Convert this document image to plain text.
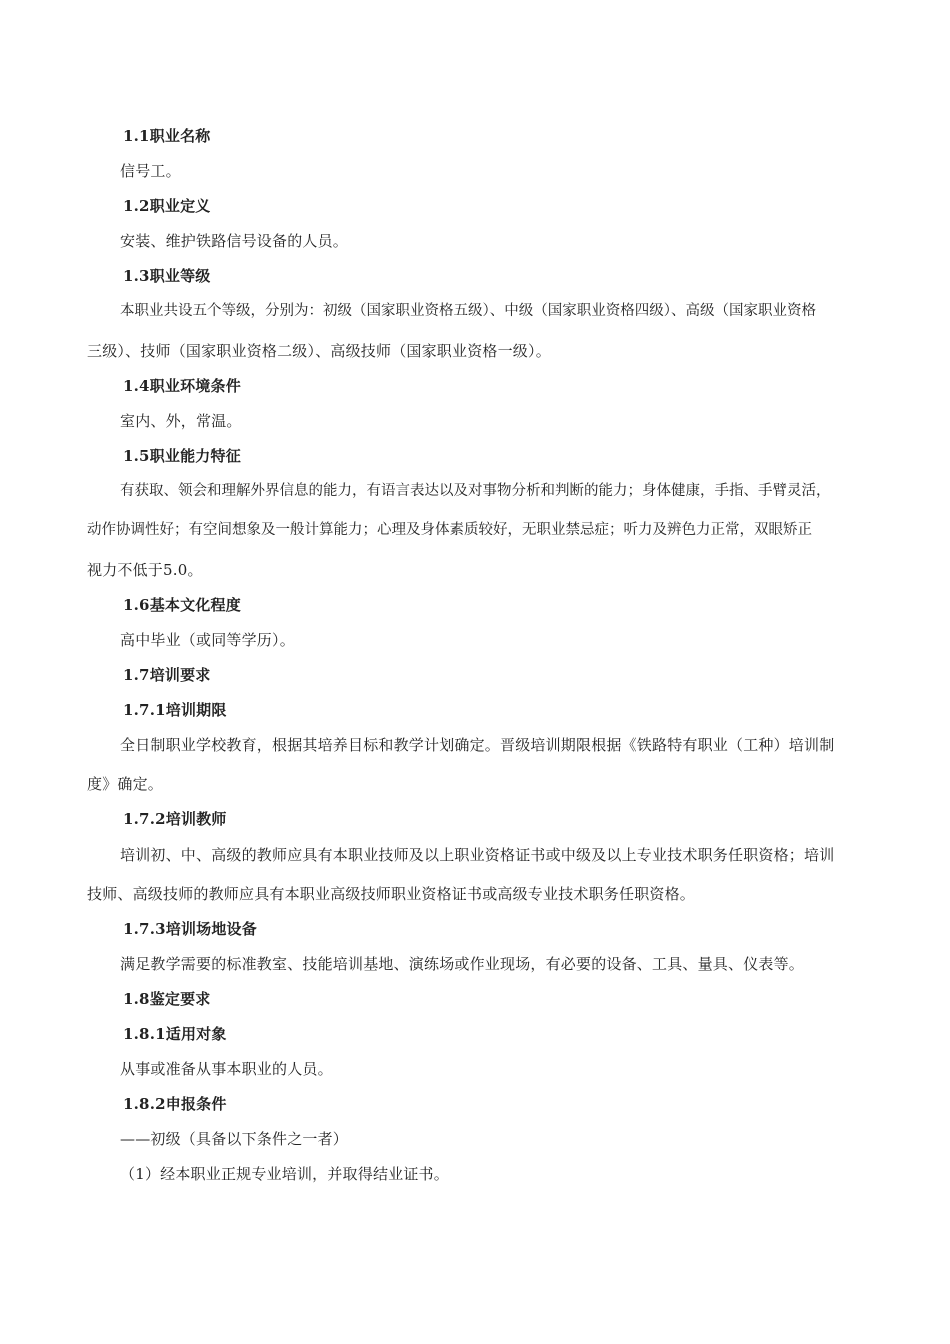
1.1职业名称
信号工。
1.2职业定义
安装、维护铁路信号设备的人员。
1.3职业等级
本职业共设五个等级，分别为：初级（国家职业资格五级）、中级（国家职业资格四级）、高级（国家职业资格
三级）、技师（国家职业资格二级）、高级技师（国家职业资格一级）。
1.4职业环境条件
室内、外，常温。
1.5职业能力特征
有获取、领会和理解外界信息的能力，有语言表达以及对事物分析和判断的能力；身体健康，手指、手臂灵活，
动作协调性好；有空间想象及一般计算能力；心理及身体素质较好，无职业禁忌症；听力及辨色力正常，双眼矫正
视力不低于5.0。
1.6基本文化程度
高中毕业（或同等学历）。
1.7培训要求
1.7.1培训期限
全日制职业学校教育，根据其培养目标和教学计划确定。晋级培训期限根据《铁路特有职业（工种）培训制
度》确定。
1.7.2培训教师
培训初、中、高级的教师应具有本职业技师及以上职业资格证书或中级及以上专业技术职务任职资格；培训
技师、高级技师的教师应具有本职业高级技师职业资格证书或高级专业技术职务任职资格。
1.7.3培训场地设备
满足教学需要的标准教室、技能培训基地、演练场或作业现场，有必要的设备、工具、量具、仪表等。
1.8鉴定要求
1.8.1适用对象
从事或准备从事本职业的人员。
1.8.2申报条件
——初级（具备以下条件之一者）
（1）经本职业正规专业培训，并取得结业证书。
